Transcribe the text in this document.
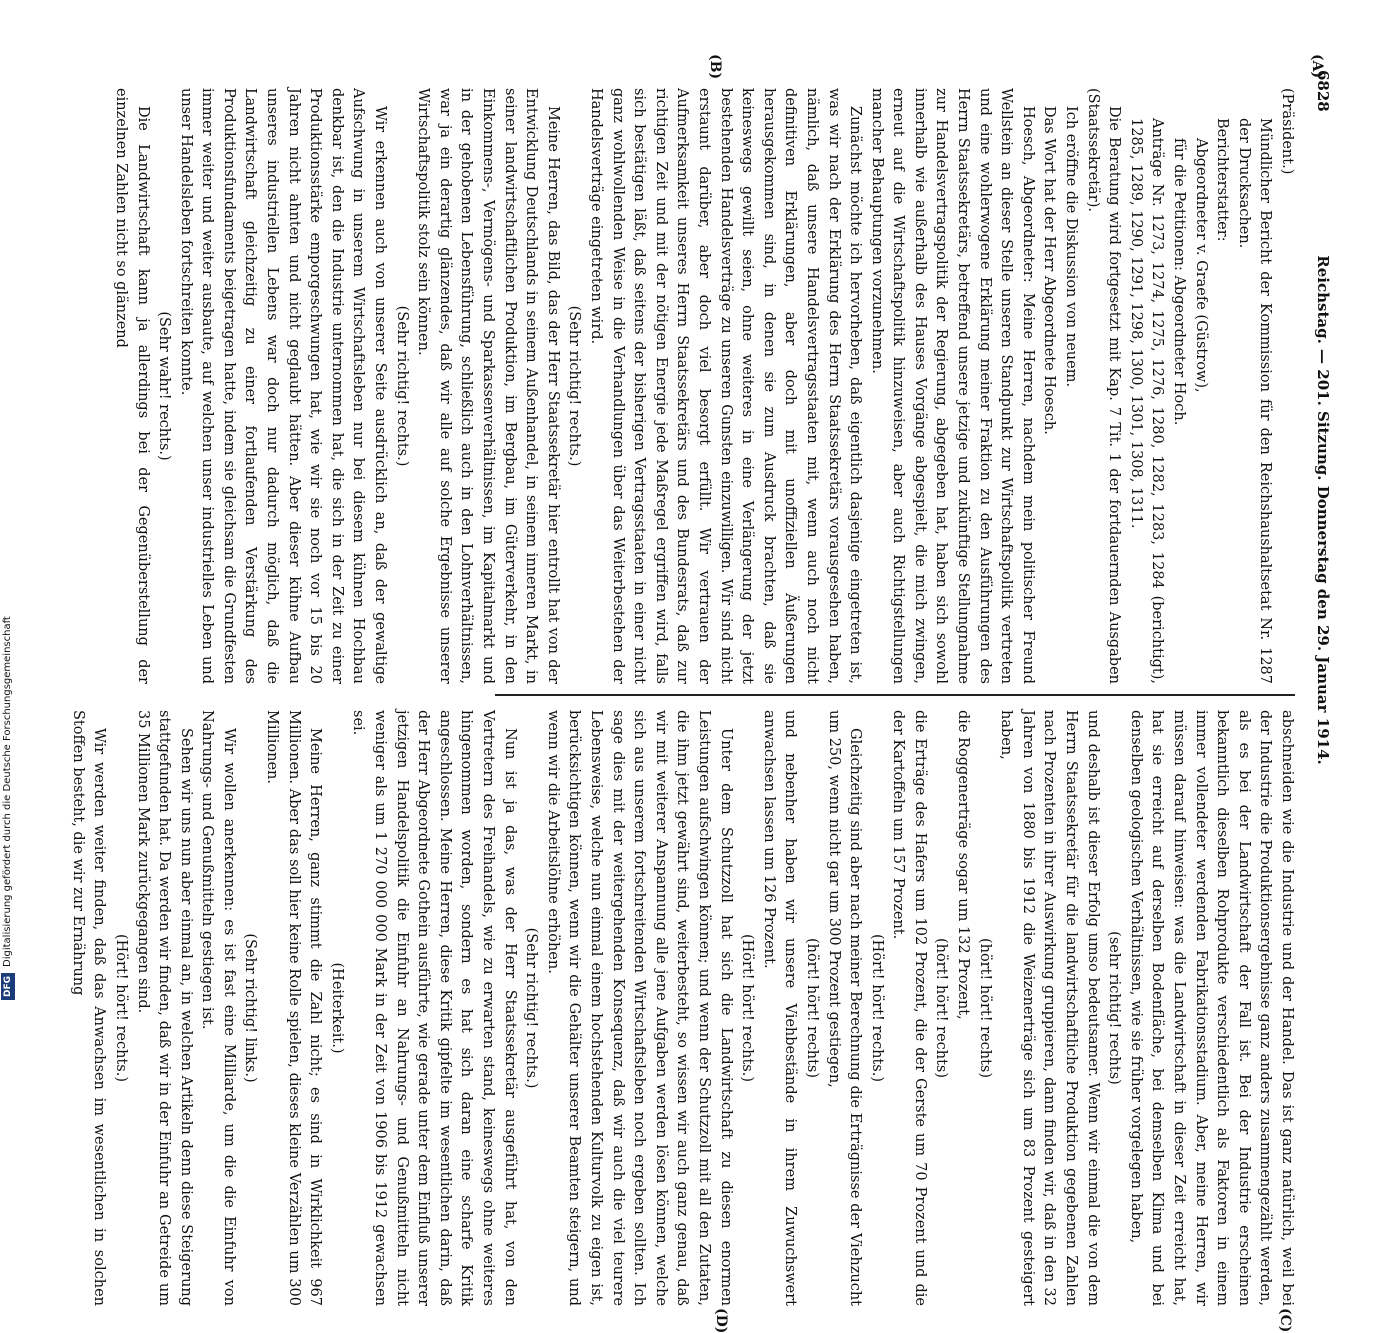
6828
Reichstag. — 201. Sitzung. Donnerstag den 29. Januar 1914.
(A)
(B)
(C)
(D)

(Präsident.)

Mündlicher Bericht der Kommission für den Reichshaushaltsetat Nr. 1287 der Drucksachen.

Berichterstatter:

Abgeordneter v. Graefe (Güstrow),

für die Petitionen: Abgeordneter Hoch.

Anträge Nr. 1273, 1274, 1275, 1276, 1280, 1282, 1283, 1284 (berichtigt), 1285, 1289, 1290, 1291, 1298, 1300, 1301, 1308, 1311.

Die Beratung wird fortgesetzt mit Kap. 7 Tit. 1 der fortdauernden Ausgaben (Staatssekretär).

Ich eröffne die Diskussion von neuem.

Das Wort hat der Herr Abgeordnete Hoesch.

Hoesch, Abgeordneter: Meine Herren, nachdem mein politischer Freund Wellstein an dieser Stelle unseren Standpunkt zur Wirtschaftspolitik vertreten und eine wohlerwogene Erklärung meiner Fraktion zu den Ausführungen des Herrn Staatssekretärs, betreffend unsere jetzige und zukünftige Stellungnahme zur Handelsvertragspolitik der Regierung, abgegeben hat, haben sich sowohl innerhalb wie außerhalb des Hauses Vorgänge abgespielt, die mich zwingen, erneut auf die Wirtschaftspolitik hinzuweisen, aber auch Richtigstellungen mancher Behauptungen vorzunehmen.

Zunächst möchte ich hervorheben, daß eigentlich dasjenige eingetreten ist, was wir nach der Erklärung des Herrn Staatssekretärs vorausgesehen haben, nämlich, daß unsere Handelsvertragsstaaten mit, wenn auch noch nicht definitiven Erklärungen, aber doch mit unoffiziellen Äußerungen herausgekommen sind, in denen sie zum Ausdruck brachten, daß sie keineswegs gewillt seien, ohne weiteres in eine Verlängerung der jetzt bestehenden Handelsverträge zu unseren Gunsten einzuwilligen. Wir sind nicht erstaunt darüber, aber doch viel besorgt erfüllt. Wir vertrauen der Aufmerksamkeit unseres Herrn Staatssekretärs und des Bundesrats, daß zur richtigen Zeit und mit der nötigen Energie jede Maßregel ergriffen wird, falls sich bestätigen läßt, daß seitens der bisherigen Vertragsstaaten in einer nicht ganz wohlwollenden Weise in die Verhandlungen über das Weiterbestehen der Handelsverträge eingetreten wird.

(Sehr richtig! rechts.)

Meine Herren, das Bild, das der Herr Staatssekretär hier entrollt hat von der Entwicklung Deutschlands in seinem Außenhandel, in seinem inneren Markt, in seiner landwirtschaftlichen Produktion, im Bergbau, im Güterverkehr, in den Einkommens-, Vermögens- und Sparkassenverhältnissen, im Kapitalmarkt und in der gehobenen Lebensführung, schließlich auch in den Lohnverhältnissen, war ja ein derartig glänzendes, daß wir alle auf solche Ergebnisse unserer Wirtschaftspolitik stolz sein können.

(Sehr richtig! rechts.)

Wir erkennen auch von unserer Seite ausdrücklich an, daß der gewaltige Aufschwung in unserem Wirtschaftsleben nur bei diesem kühnen Hochbau denkbar ist, den die Industrie unternommen hat, die sich in der Zeit zu einer Produktionsstärke emporgeschwungen hat, wie wir sie noch vor 15 bis 20 Jahren nicht ahnten und nicht geglaubt hätten. Aber dieser kühne Aufbau unseres industriellen Lebens war doch nur dadurch möglich, daß die Landwirtschaft gleichzeitig zu einer fortlaufenden Verstärkung des Produktionsfundaments beigetragen hatte, indem sie gleichsam die Grundfesten immer weiter und weiter ausbaute, auf welchen unser industrielles Leben und unser Handelsleben fortschreiten konnte.

(Sehr wahr! rechts.)

Die Landwirtschaft kann ja allerdings bei der Gegenüberstellung der einzelnen Zahlen nicht so glänzend

abschneiden wie die Industrie und der Handel. Das ist ganz natürlich, weil bei der Industrie die Produktionsergebnisse ganz anders zusammengezählt werden, als es bei der Landwirtschaft der Fall ist. Bei der Industrie erscheinen bekanntlich dieselben Rohprodukte verschiedentlich als Faktoren in einem immer vollendeter werdenden Fabrikationsstadium. Aber, meine Herren, wir müssen darauf hinweisen: was die Landwirtschaft in dieser Zeit erreicht hat, hat sie erreicht auf derselben Bodenfläche, bei demselben Klima und bei denselben geologischen Verhältnissen, wie sie früher vorgelegen haben,

(sehr richtig! rechts)

und deshalb ist dieser Erfolg umso bedeutsamer. Wenn wir einmal die von dem Herrn Staatssekretär für die landwirtschaftliche Produktion gegebenen Zahlen nach Prozenten in ihrer Auswirkung gruppieren, dann finden wir, daß in den 32 Jahren von 1880 bis 1912 die Weizenerträge sich um 83 Prozent gesteigert haben,

(hört! hört! rechts)

die Roggenerträge sogar um 132 Prozent,

(hört! hört! rechts)

die Erträge des Hafers um 102 Prozent, die der Gerste um 70 Prozent und die der Kartoffeln um 157 Prozent.

(Hört! hört! rechts.)

Gleichzeitig sind aber nach meiner Berechnung die Erträgnisse der Viehzucht um 250, wenn nicht gar um 300 Prozent gestiegen,

(hört! hört! rechts)

und nebenher haben wir unsere Viehbestände in ihrem Zuwuchswert anwachsen lassen um 126 Prozent.

(Hört! hört! rechts.)

Unter dem Schutzzoll hat sich die Landwirtschaft zu diesen enormen Leistungen aufschwingen können; und wenn der Schutzzoll mit all den Zutaten, die ihm jetzt gewährt sind, weiterbesteht, so wissen wir auch ganz genau, daß wir mit weiterer Anspannung alle jene Aufgaben werden lösen können, welche sich aus unserem fortschreitenden Wirtschaftsleben noch ergeben sollten. Ich sage dies mit der weitergehenden Konsequenz, daß wir auch die viel teurere Lebensweise, welche nun einmal einem hochstehenden Kulturvolk zu eigen ist, berücksichtigen können, wenn wir die Gehälter unserer Beamten steigern, und wenn wir die Arbeitslöhne erhöhen.

(Sehr richtig! rechts.)

Nun ist ja das, was der Herr Staatssekretär ausgeführt hat, von den Vertretern des Freihandels, wie zu erwarten stand, keineswegs ohne weiteres hingenommen worden, sondern es hat sich daran eine scharfe Kritik angeschlossen. Meine Herren, diese Kritik gipfelte im wesentlichen darin, daß der Herr Abgeordnete Gothein ausführte, wie gerade unter dem Einfluß unserer jetzigen Handelspolitik die Einfuhr an Nahrungs- und Genußmitteln nicht weniger als um 1 270 000 000 Mark in der Zeit von 1906 bis 1912 gewachsen sei.

(Heiterkeit.)

Meine Herren, ganz stimmt die Zahl nicht; es sind in Wirklichkeit 967 Millionen. Aber das soll hier keine Rolle spielen, dieses kleine Verzählen um 300 Millionen.

(Sehr richtig! links.)

Wir wollen anerkennen: es ist fast eine Milliarde, um die die Einfuhr von Nahrungs- und Genußmitteln gestiegen ist.

Sehen wir uns nun aber einmal an, in welchen Artikeln denn diese Steigerung stattgefunden hat. Da werden wir finden, daß wir in der Einfuhr an Getreide um 35 Millionen Mark zurückgegangen sind.

(Hört! hört! rechts.)

Wir werden weiter finden, daß das Anwachsen im wesentlichen in solchen Stoffen besteht, die wir zur Ernährung

DFGDigitalisierung gefördert durch die Deutsche Forschungsgemeinschaft
